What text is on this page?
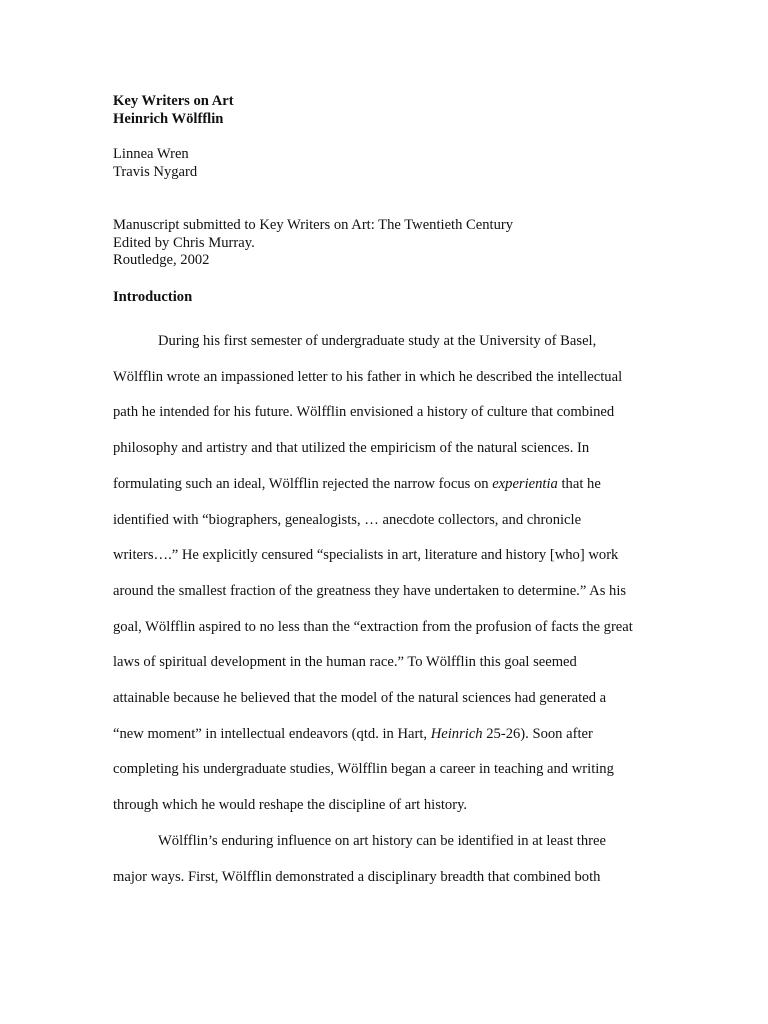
Key Writers on Art
Heinrich Wölfflin
Linnea Wren
Travis Nygard
Manuscript submitted to Key Writers on Art: The Twentieth Century
Edited by Chris Murray.
Routledge, 2002
Introduction
During his first semester of undergraduate study at the University of Basel,
Wölfflin wrote an impassioned letter to his father in which he described the intellectual
path he intended for his future. Wölfflin envisioned a history of culture that combined
philosophy and artistry and that utilized the empiricism of the natural sciences. In
formulating such an ideal, Wölfflin rejected the narrow focus on experientia that he
identified with “biographers, genealogists, … anecdote collectors, and chronicle
writers….” He explicitly censured “specialists in art, literature and history [who] work
around the smallest fraction of the greatness they have undertaken to determine.” As his
goal, Wölfflin aspired to no less than the “extraction from the profusion of facts the great
laws of spiritual development in the human race.” To Wölfflin this goal seemed
attainable because he believed that the model of the natural sciences had generated a
“new moment” in intellectual endeavors (qtd. in Hart, Heinrich 25-26). Soon after
completing his undergraduate studies, Wölfflin began a career in teaching and writing
through which he would reshape the discipline of art history.
Wölfflin’s enduring influence on art history can be identified in at least three
major ways. First, Wölfflin demonstrated a disciplinary breadth that combined both
